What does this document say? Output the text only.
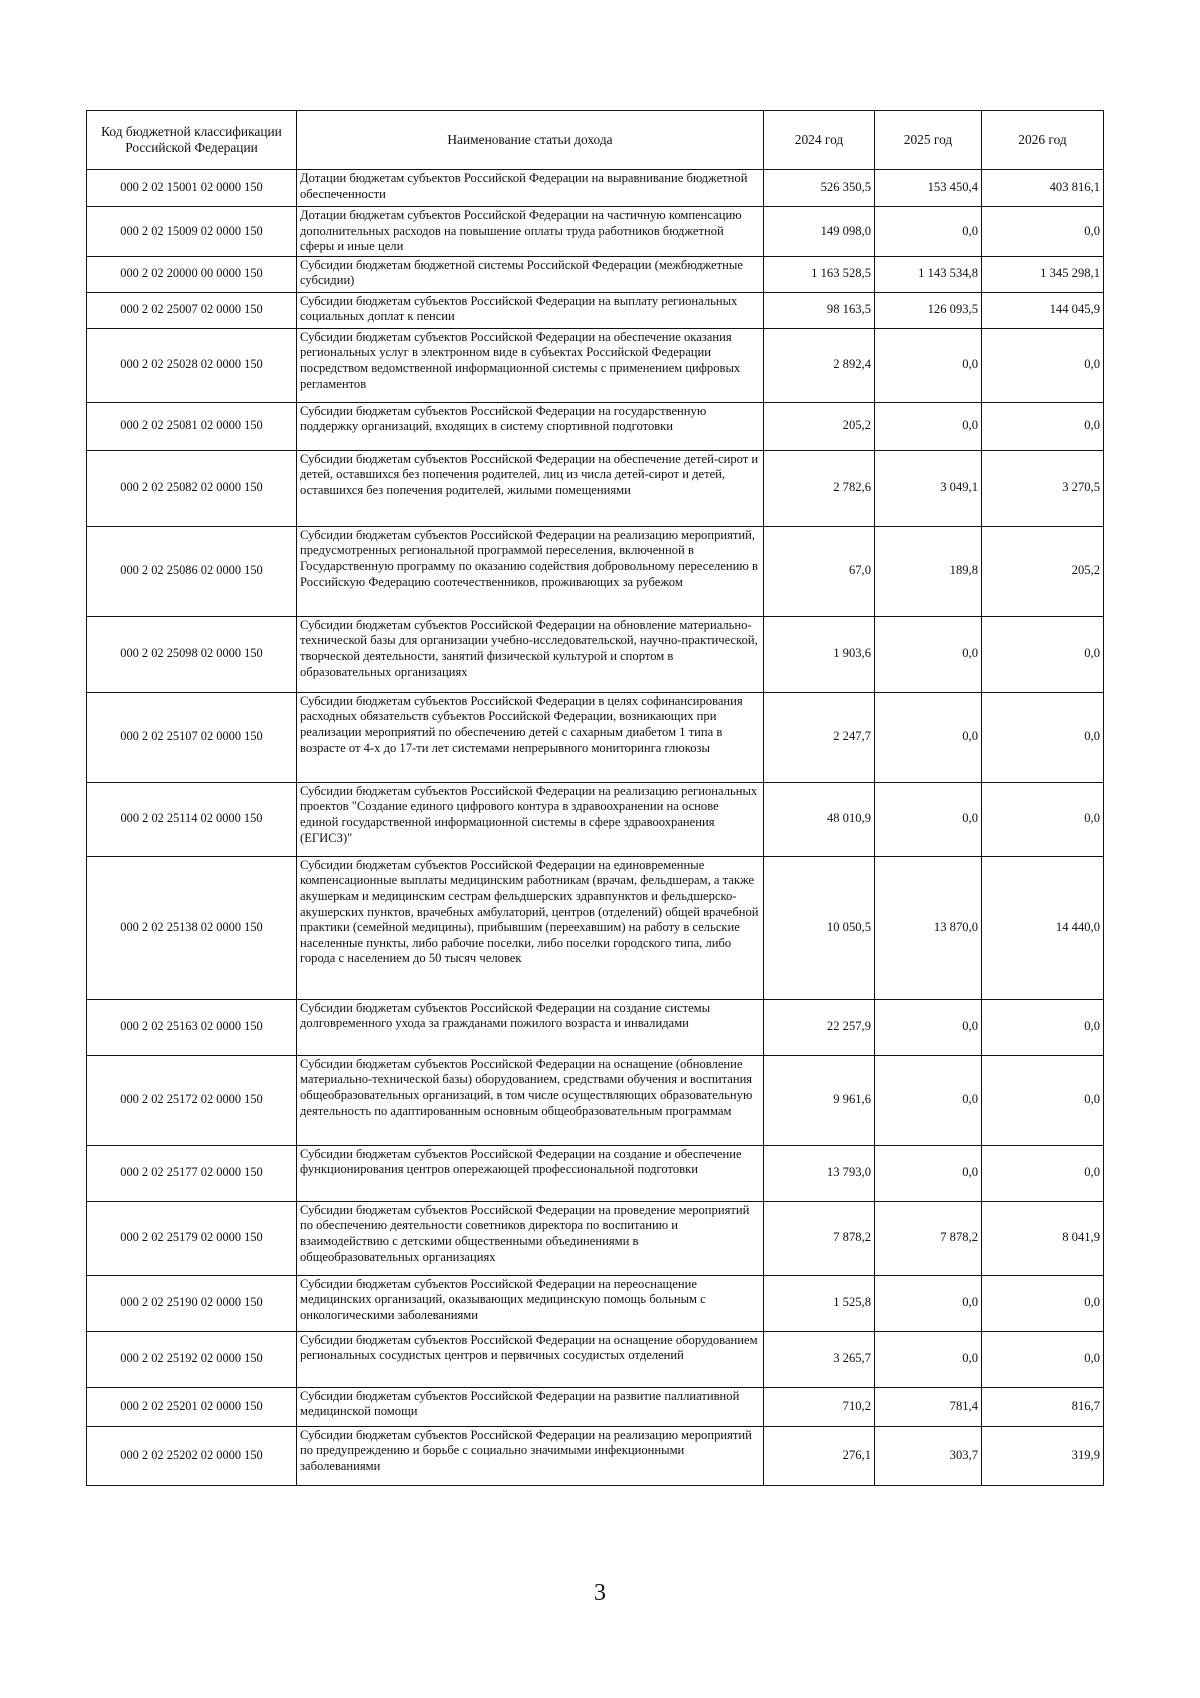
Код бюджетной классификации Российской Федерации	Наименование статьи дохода	2024 год	2025 год	2026 год
000 2 02 15001 02 0000 150	Дотации бюджетам субъектов Российской Федерации на выравнивание бюджетной обеспеченности	526 350,5	153 450,4	403 816,1
000 2 02 15009 02 0000 150	Дотации бюджетам субъектов Российской Федерации на частичную компенсацию дополнительных расходов на повышение оплаты труда работников бюджетной сферы и иные цели	149 098,0	0,0	0,0
000 2 02 20000 00 0000 150	Субсидии бюджетам бюджетной системы Российской Федерации (межбюджетные субсидии)	1 163 528,5	1 143 534,8	1 345 298,1
000 2 02 25007 02 0000 150	Субсидии бюджетам субъектов Российской Федерации на выплату региональных социальных доплат к пенсии	98 163,5	126 093,5	144 045,9
000 2 02 25028 02 0000 150	Субсидии бюджетам субъектов Российской Федерации на обеспечение оказания региональных услуг в электронном виде в субъектах Российской Федерации посредством ведомственной информационной системы с применением цифровых регламентов	2 892,4	0,0	0,0
000 2 02 25081 02 0000 150	Субсидии бюджетам субъектов Российской Федерации на государственную поддержку организаций, входящих в систему спортивной подготовки	205,2	0,0	0,0
000 2 02 25082 02 0000 150	Субсидии бюджетам субъектов Российской Федерации на обеспечение детей-сирот и детей, оставшихся без попечения родителей, лиц из числа детей-сирот и детей, оставшихся без попечения родителей, жилыми помещениями	2 782,6	3 049,1	3 270,5
000 2 02 25086 02 0000 150	Субсидии бюджетам субъектов Российской Федерации на реализацию мероприятий, предусмотренных региональной программой переселения, включенной в Государственную программу по оказанию содействия добровольному переселению в Российскую Федерацию соотечественников, проживающих за рубежом	67,0	189,8	205,2
000 2 02 25098 02 0000 150	Субсидии бюджетам субъектов Российской Федерации на обновление материально-технической базы для организации учебно-исследовательской, научно-практической, творческой деятельности, занятий физической культурой и спортом в образовательных организациях	1 903,6	0,0	0,0
000 2 02 25107 02 0000 150	Субсидии бюджетам субъектов Российской Федерации в целях софинансирования расходных обязательств субъектов Российской Федерации, возникающих при реализации мероприятий по обеспечению детей с сахарным диабетом 1 типа в возрасте от 4-х до 17-ти лет системами непрерывного мониторинга глюкозы	2 247,7	0,0	0,0
000 2 02 25114 02 0000 150	Субсидии бюджетам субъектов Российской Федерации на реализацию региональных проектов "Создание единого цифрового контура в здравоохранении на основе единой государственной информационной системы в сфере здравоохранения (ЕГИСЗ)"	48 010,9	0,0	0,0
000 2 02 25138 02 0000 150	Субсидии бюджетам субъектов Российской Федерации на единовременные компенсационные выплаты медицинским работникам (врачам, фельдшерам, а также акушеркам и медицинским сестрам фельдшерских здравпунктов и фельдшерско-акушерских пунктов, врачебных амбулаторий, центров (отделений) общей врачебной практики (семейной медицины), прибывшим (переехавшим) на работу в сельские населенные пункты, либо рабочие поселки, либо поселки городского типа, либо города с населением до 50 тысяч человек	10 050,5	13 870,0	14 440,0
000 2 02 25163 02 0000 150	Субсидии бюджетам субъектов Российской Федерации на создание системы долговременного ухода за гражданами пожилого возраста и инвалидами	22 257,9	0,0	0,0
000 2 02 25172 02 0000 150	Субсидии бюджетам субъектов Российской Федерации на оснащение (обновление материально-технической базы) оборудованием, средствами обучения и воспитания общеобразовательных организаций, в том числе осуществляющих образовательную деятельность по адаптированным основным общеобразовательным программам	9 961,6	0,0	0,0
000 2 02 25177 02 0000 150	Субсидии бюджетам субъектов Российской Федерации на создание и обеспечение функционирования центров опережающей профессиональной подготовки	13 793,0	0,0	0,0
000 2 02 25179 02 0000 150	Субсидии бюджетам субъектов Российской Федерации на проведение мероприятий по обеспечению деятельности советников директора по воспитанию и взаимодействию с детскими общественными объединениями в общеобразовательных организациях	7 878,2	7 878,2	8 041,9
000 2 02 25190 02 0000 150	Субсидии бюджетам субъектов Российской Федерации на переоснащение медицинских организаций, оказывающих медицинскую помощь больным с онкологическими заболеваниями	1 525,8	0,0	0,0
000 2 02 25192 02 0000 150	Субсидии бюджетам субъектов Российской Федерации на оснащение оборудованием региональных сосудистых центров и первичных сосудистых отделений	3 265,7	0,0	0,0
000 2 02 25201 02 0000 150	Субсидии бюджетам субъектов Российской Федерации на развитие паллиативной медицинской помощи	710,2	781,4	816,7
000 2 02 25202 02 0000 150	Субсидии бюджетам субъектов Российской Федерации на реализацию мероприятий по предупреждению и борьбе с социально значимыми инфекционными заболеваниями	276,1	303,7	319,9
3
